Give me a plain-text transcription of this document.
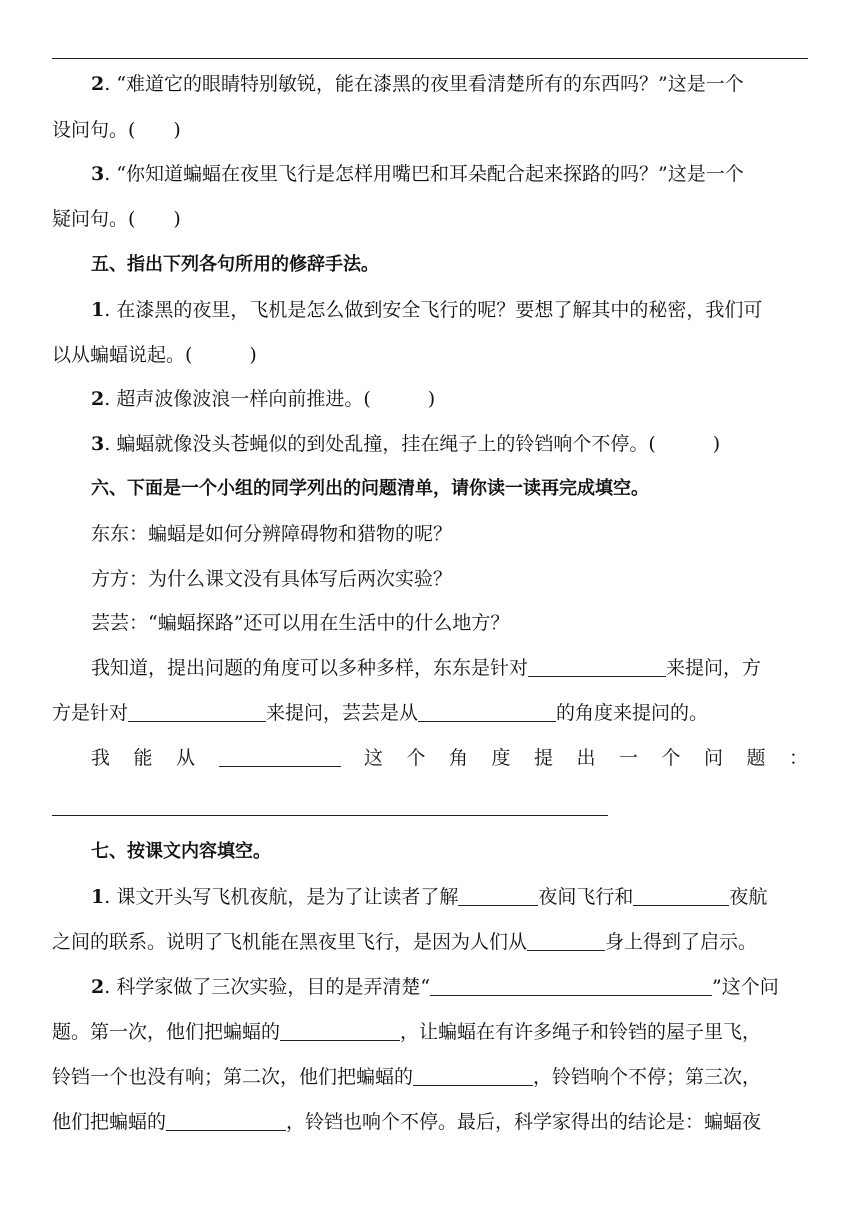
2. “难道它的眼睛特别敏锐，能在漆黑的夜里看清楚所有的东西吗？”这是一个
设问句。(　　)
3. “你知道蝙蝠在夜里飞行是怎样用嘴巴和耳朵配合起来探路的吗？”这是一个
疑问句。(　　)
五、指出下列各句所用的修辞手法。
1. 在漆黑的夜里，飞机是怎么做到安全飞行的呢？要想了解其中的秘密，我们可
以从蝙蝠说起。(　　　)
2. 超声波像波浪一样向前推进。(　　　)
3. 蝙蝠就像没头苍蝇似的到处乱撞，挂在绳子上的铃铛响个不停。(　　　)
六、下面是一个小组的同学列出的问题清单，请你读一读再完成填空。
东东：蝙蝠是如何分辨障碍物和猎物的呢？
方方：为什么课文没有具体写后两次实验？
芸芸：“蝙蝠探路”还可以用在生活中的什么地方？
我知道，提出问题的角度可以多种多样，东东是针对	来提问，方
方是针对	来提问，芸芸是从	的角度来提问的。
我 能 从	这 个 角 度 提 出 一 个 问 题 ：
七、按课文内容填空。
1. 课文开头写飞机夜航，是为了让读者了解	夜间飞行和	夜航
之间的联系。说明了飞机能在黑夜里飞行，是因为人们从	身上得到了启示。
2. 科学家做了三次实验，目的是弄清楚“	”这个问
题。第一次，他们把蝙蝠的	，让蝙蝠在有许多绳子和铃铛的屋子里飞，
铃铛一个也没有响；第二次，他们把蝙蝠的	，铃铛响个不停；第三次，
他们把蝙蝠的	，铃铛也响个不停。最后，科学家得出的结论是：蝙蝠夜
